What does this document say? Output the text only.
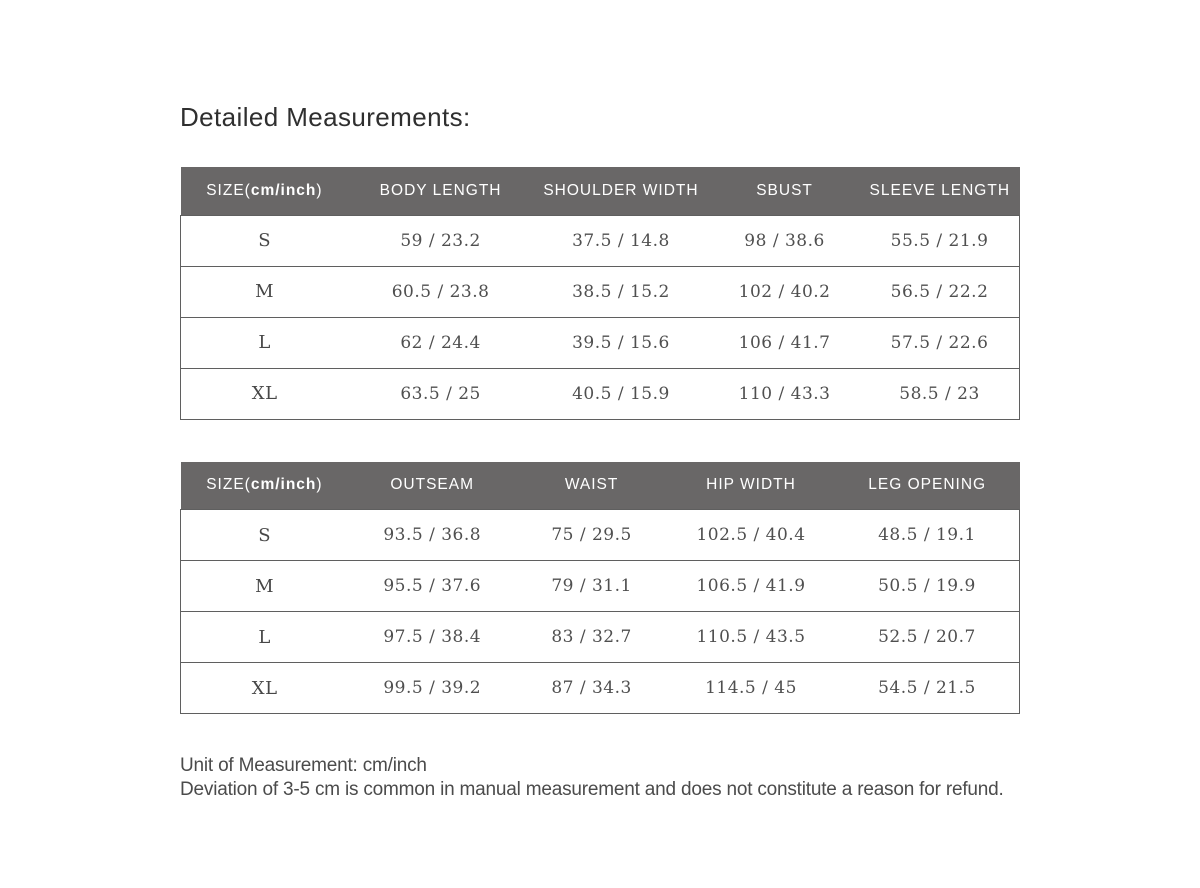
Detailed Measurements:
SIZE(cm/inch)	BODY LENGTH	SHOULDER WIDTH	SBUST	SLEEVE LENGTH
S	59 / 23.2	37.5 / 14.8	98 / 38.6	55.5 / 21.9
M	60.5 / 23.8	38.5 / 15.2	102 / 40.2	56.5 / 22.2
L	62 / 24.4	39.5 / 15.6	106 / 41.7	57.5 / 22.6
XL	63.5 / 25	40.5 / 15.9	110 / 43.3	58.5 / 23
SIZE(cm/inch)	OUTSEAM	WAIST	HIP WIDTH	LEG OPENING
S	93.5 / 36.8	75 / 29.5	102.5 / 40.4	48.5 / 19.1
M	95.5 / 37.6	79 / 31.1	106.5 / 41.9	50.5 / 19.9
L	97.5 / 38.4	83 / 32.7	110.5 / 43.5	52.5 / 20.7
XL	99.5 / 39.2	87 / 34.3	114.5 / 45	54.5 / 21.5

Unit of Measurement: cm/inch

Deviation of 3-5 cm is common in manual measurement and does not constitute a reason for refund.
